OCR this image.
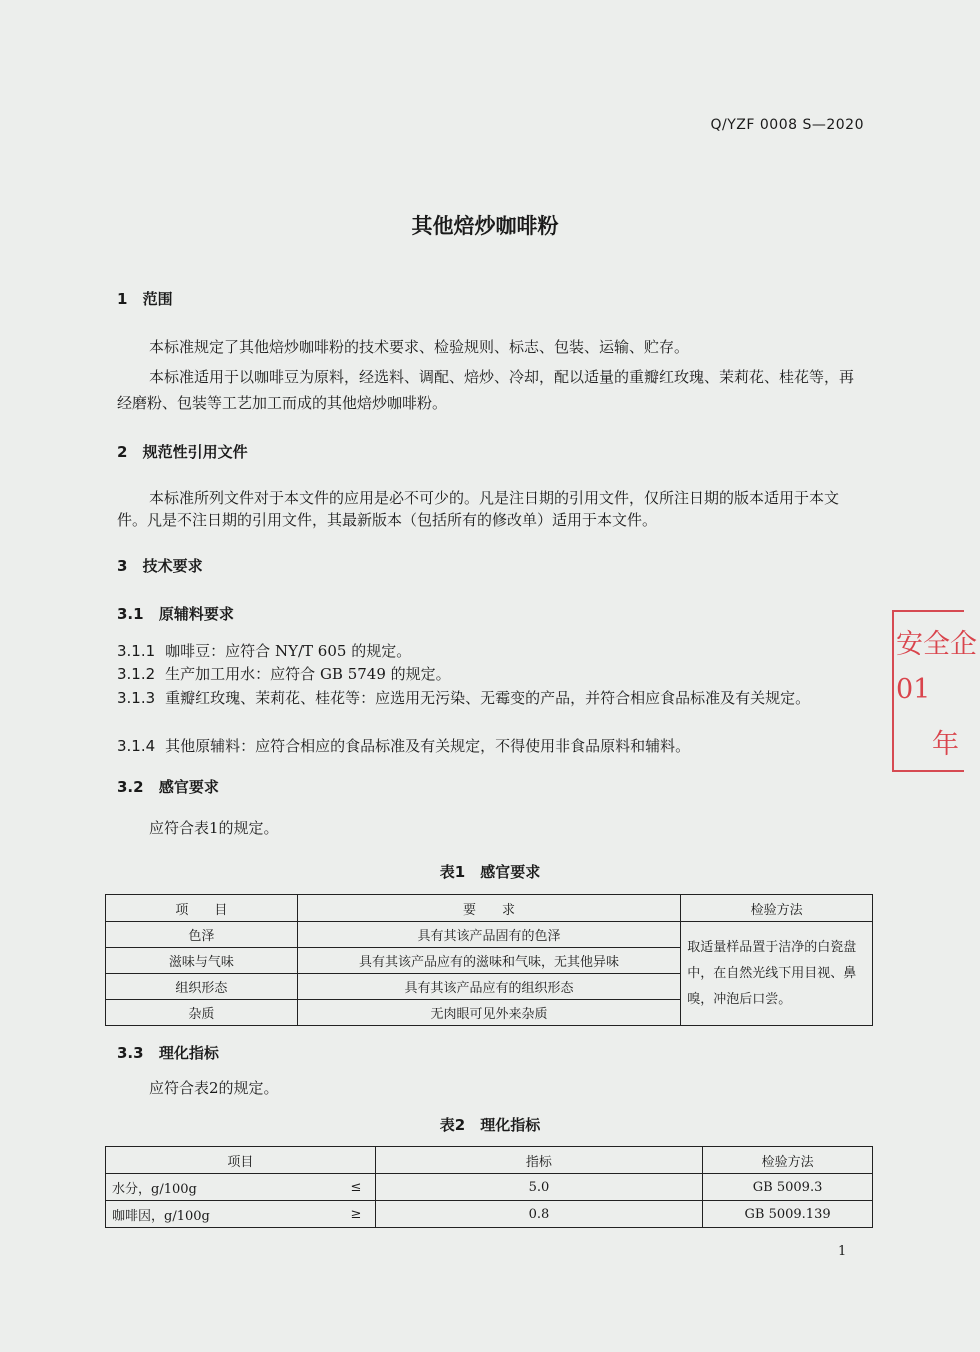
Q/YZF 0008 S—2020
其他焙炒咖啡粉
1 范围
本标准规定了其他焙炒咖啡粉的技术要求、检验规则、标志、包装、运输、贮存。
本标准适用于以咖啡豆为原料，经选料、调配、焙炒、冷却，配以适量的重瓣红玫瑰、茉莉花、桂花等，再经磨粉、包装等工艺加工而成的其他焙炒咖啡粉。
2 规范性引用文件
本标准所列文件对于本文件的应用是必不可少的。凡是注日期的引用文件，仅所注日期的版本适用于本文件。凡是不注日期的引用文件，其最新版本（包括所有的修改单）适用于本文件。
3 技术要求
3.1 原辅料要求
3.1.1 咖啡豆：应符合 NY/T 605 的规定。
3.1.2 生产加工用水：应符合 GB 5749 的规定。
3.1.3 重瓣红玫瑰、茉莉花、桂花等：应选用无污染、无霉变的产品，并符合相应食品标准及有关规定。
3.1.4 其他原辅料：应符合相应的食品标准及有关规定，不得使用非食品原料和辅料。
3.2 感官要求
应符合表1的规定。
表1　感官要求
项　　目	要　　求	检验方法
色泽	具有其该产品固有的色泽	取适量样品置于洁净的白瓷盘中，在自然光线下用目视、鼻嗅，冲泡后口尝。
滋味与气味	具有其该产品应有的滋味和气味，无其他异味	
组织形态	具有其该产品应有的组织形态	
杂质	无肉眼可见外来杂质	
3.3 理化指标
应符合表2的规定。
表2　理化指标
项目		指标	检验方法
水分，g/100g	≤	5.0	GB 5009.3
咖啡因，g/100g	≥	0.8	GB 5009.139
1
安全企
01
年
